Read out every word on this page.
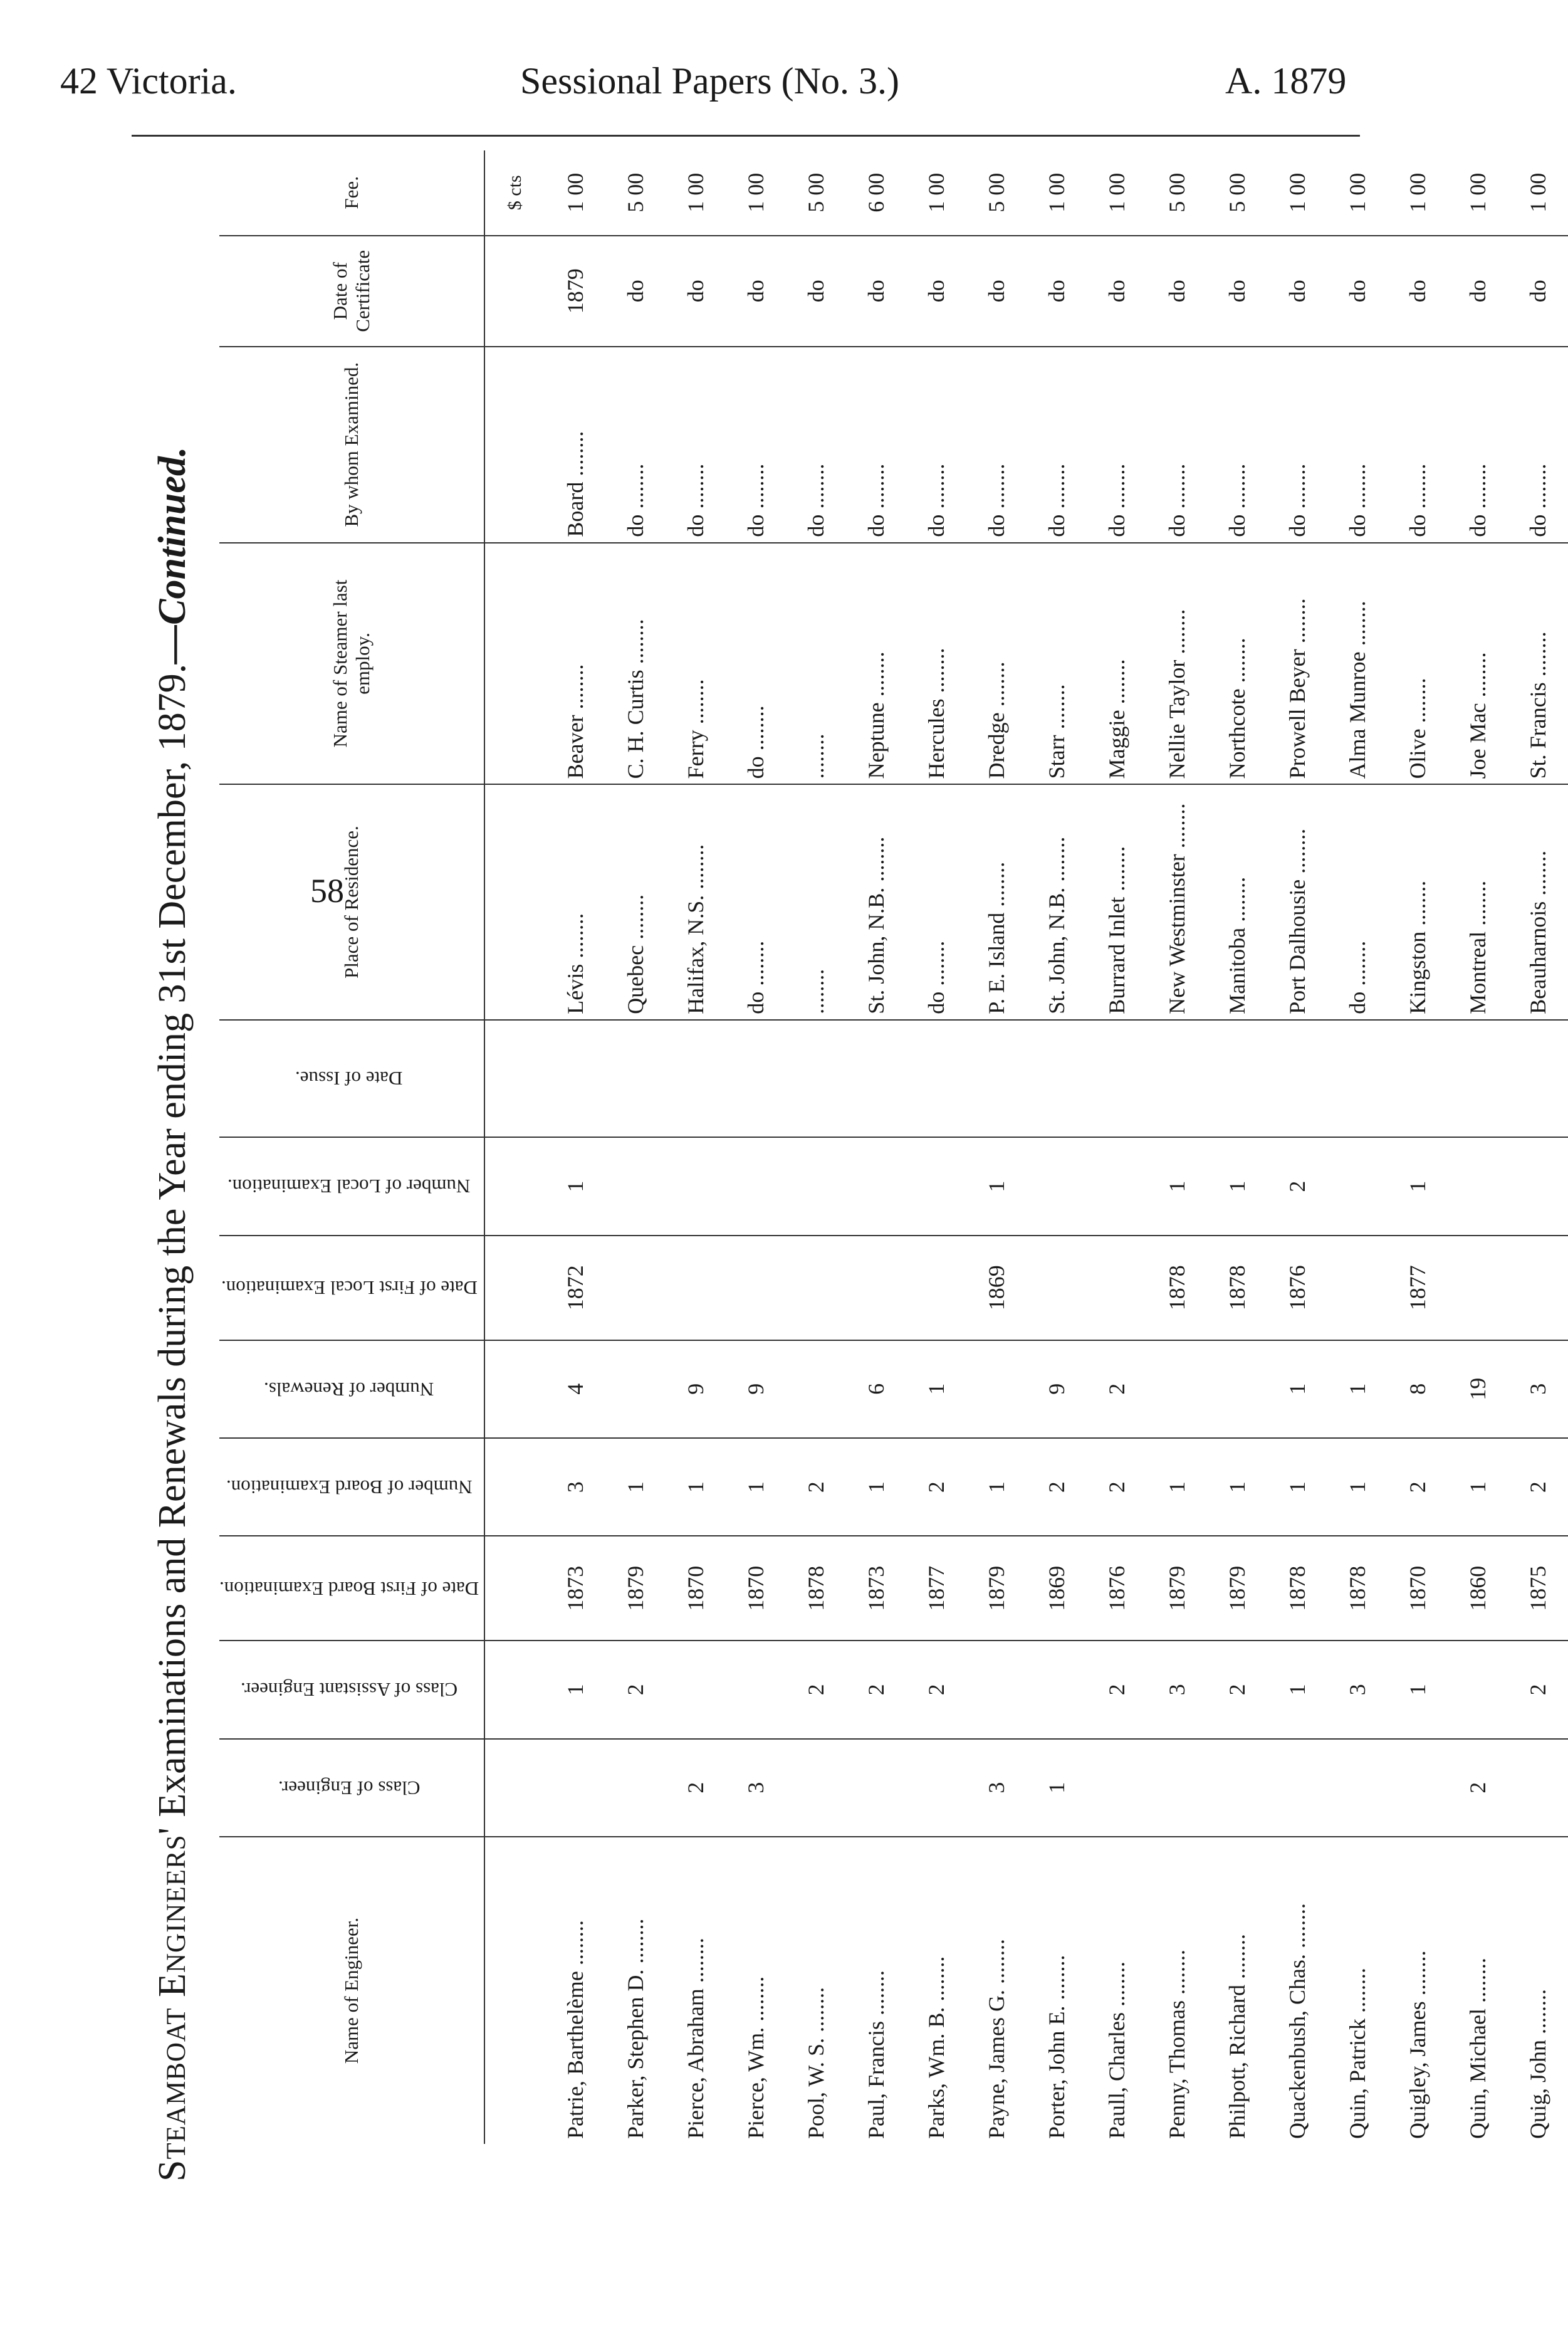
42 Victoria.	Sessional Papers (No. 3.)	A. 1879
Steamboat Engineers' Examinations and Renewals during the Year ending 31st December, 1879.—Continued.
Name of Engineer.	Class of Engineer.	Class of Assistant Engineer.	Date of First Board Examination.	Number of Board Examination.	Number of Renewals.	Date of First Local Examination.	Number of Local Examination.	Date of Issue.	Place of Residence.	Name of Steamer last employ.	By whom Examined.	Date of Certificate	Fee.
													$ cts
Patrie, Barthelème .....		1	1873	3	4	1872	1		Lévis .....	Beaver .....	Board .....	1879	1 00
Parker, Stephen D. .....		2	1879	1					Quebec .....	C. H. Curtis .....	do .....	do	5 00
Pierce, Abraham .....	2		1870	1	9				Halifax, N.S. .....	Ferry .....	do .....	do	1 00
Pierce, Wm. .....	3		1870	1	9				do .....	do .....	do .....	do	1 00
Pool, W. S. .....		2	1878	2					.....	.....	do .....	do	5 00
Paul, Francis .....		2	1873	1	6				St. John, N.B. .....	Neptune .....	do .....	do	6 00
Parks, Wm. B. .....		2	1877	2	1				do .....	Hercules .....	do .....	do	1 00
Payne, James G. .....	3		1879	1		1869	1		P. E. Island .....	Dredge .....	do .....	do	5 00
Porter, John E. .....	1		1869	2	9				St. John, N.B. .....	Starr .....	do .....	do	1 00
Paull, Charles .....		2	1876	2	2				Burrard Inlet .....	Maggie .....	do .....	do	1 00
Penny, Thomas .....		3	1879	1		1878	1		New Westminster .....	Nellie Taylor .....	do .....	do	5 00
Philpott, Richard .....		2	1879	1		1878	1		Manitoba .....	Northcote .....	do .....	do	5 00
Quackenbush, Chas. .....		1	1878	1	1	1876	2		Port Dalhousie .....	Prowell Beyer .....	do .....	do	1 00
Quin, Patrick .....		3	1878	1	1				do .....	Alma Munroe .....	do .....	do	1 00
Quigley, James .....		1	1870	2	8	1877	1		Kingston .....	Olive .....	do .....	do	1 00
Quin, Michael .....	2		1860	1	19				Montreal .....	Joe Mac .....	do .....	do	1 00
Quig, John .....		2	1875	2	3				Beauharnois .....	St. Francis .....	do .....	do	1 00
58
